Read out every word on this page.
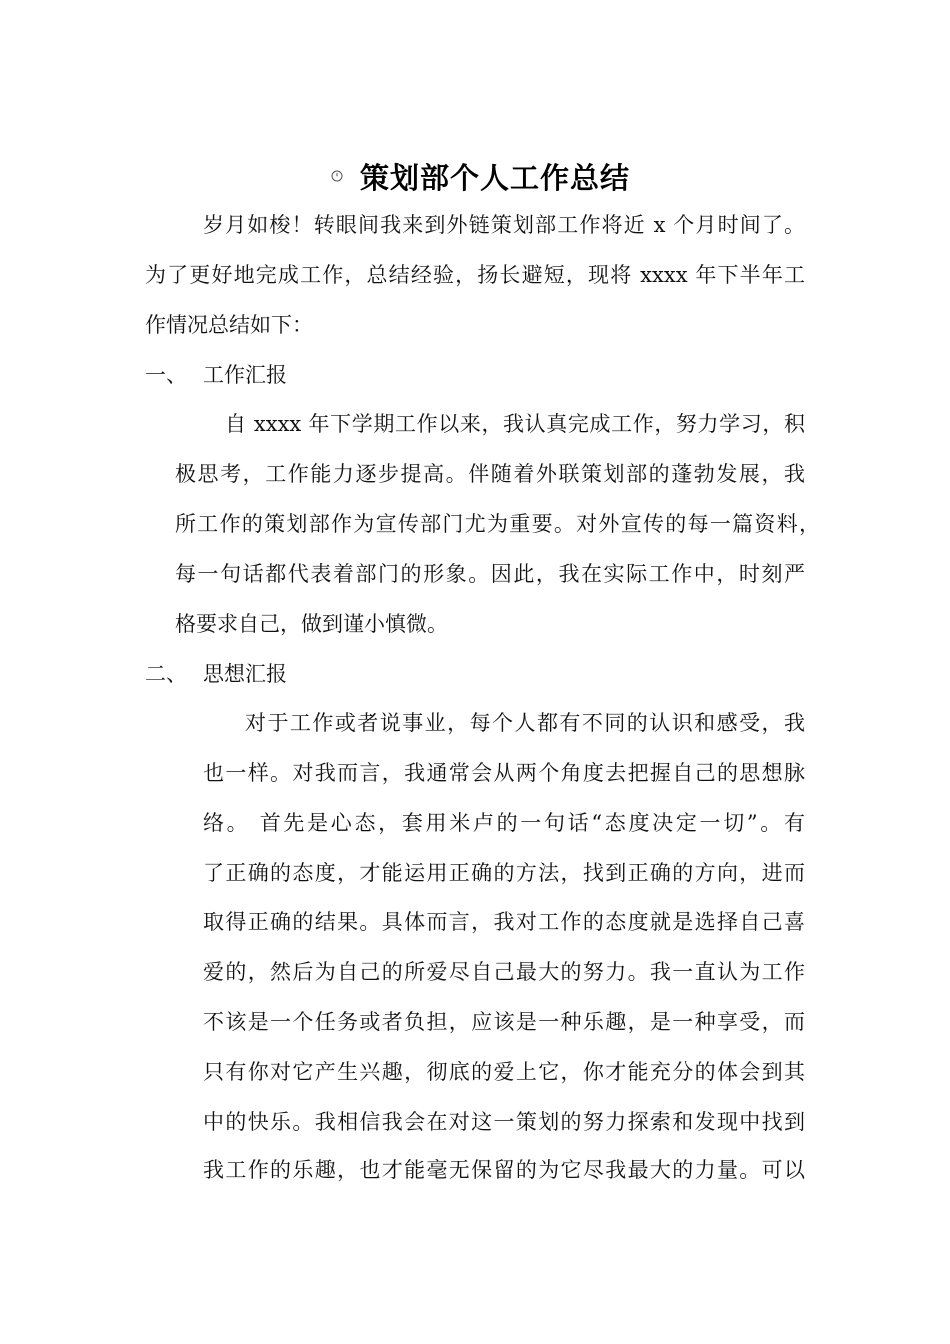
策划部个人工作总结
岁月如梭！转眼间我来到外链策划部工作将近 x 个月时间了。
为了更好地完成工作，总结经验，扬长避短，现将 xxxx 年下半年工
作情况总结如下：
一、 工作汇报
自 xxxx 年下学期工作以来，我认真完成工作，努力学习，积
极思考，工作能力逐步提高。伴随着外联策划部的蓬勃发展，我
所工作的策划部作为宣传部门尤为重要。对外宣传的每一篇资料，
每一句话都代表着部门的形象。因此，我在实际工作中，时刻严
格要求自己，做到谨小慎微。
二、 思想汇报
对于工作或者说事业，每个人都有不同的认识和感受，我
也一样。对我而言，我通常会从两个角度去把握自己的思想脉
络。 首先是心态，套用米卢的一句话“态度决定一切”。有
了正确的态度，才能运用正确的方法，找到正确的方向，进而
取得正确的结果。具体而言，我对工作的态度就是选择自己喜
爱的，然后为自己的所爱尽自己最大的努力。我一直认为工作
不该是一个任务或者负担，应该是一种乐趣，是一种享受，而
只有你对它产生兴趣，彻底的爱上它，你才能充分的体会到其
中的快乐。我相信我会在对这一策划的努力探索和发现中找到
我工作的乐趣，也才能毫无保留的为它尽我最大的力量。可以
